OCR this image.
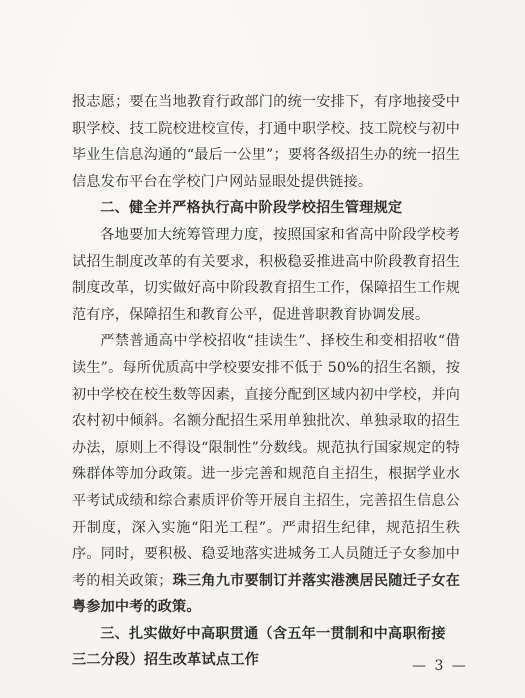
报志愿；要在当地教育行政部门的统一安排下，有序地接受中职学校、技工院校进校宣传，打通中职学校、技工院校与初中毕业生信息沟通的“最后一公里”；要将各级招生办的统一招生信息发布平台在学校门户网站显眼处提供链接。

二、健全并严格执行高中阶段学校招生管理规定

各地要加大统筹管理力度，按照国家和省高中阶段学校考试招生制度改革的有关要求，积极稳妥推进高中阶段教育招生制度改革，切实做好高中阶段教育招生工作，保障招生工作规范有序，保障招生和教育公平，促进普职教育协调发展。

严禁普通高中学校招收“挂读生”、择校生和变相招收“借读生”。每所优质高中学校要安排不低于 50%的招生名额，按初中学校在校生数等因素，直接分配到区域内初中学校，并向农村初中倾斜。名额分配招生采用单独批次、单独录取的招生办法，原则上不得设“限制性”分数线。规范执行国家规定的特殊群体等加分政策。进一步完善和规范自主招生，根据学业水平考试成绩和综合素质评价等开展自主招生，完善招生信息公开制度，深入实施“阳光工程”。严肃招生纪律，规范招生秩序。同时，要积极、稳妥地落实进城务工人员随迁子女参加中考的相关政策；珠三角九市要制订并落实港澳居民随迁子女在粤参加中考的政策。

三、扎实做好中高职贯通（含五年一贯制和中高职衔接三二分段）招生改革试点工作	— 3 —
